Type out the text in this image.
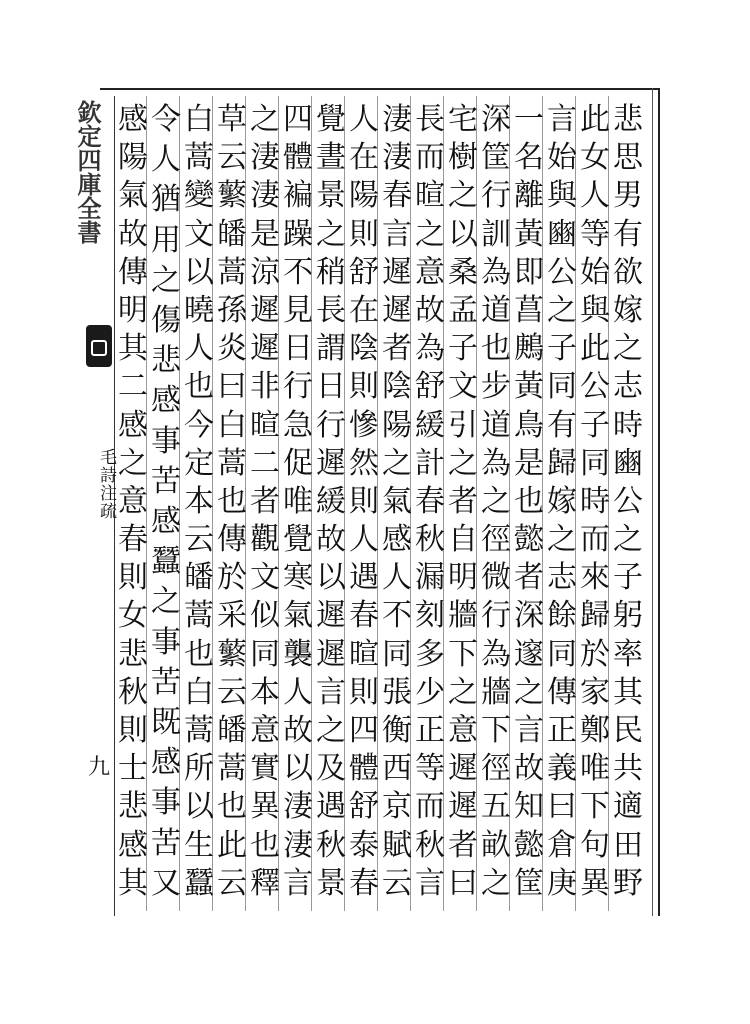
欽定四庫全書
毛詩注疏
九
悲
思
男
有
欲
嫁
之
志
時
豳
公
之
子
躬
率
其
民
共
適
田
野
此
女
人
等
始
與
此
公
子
同
時
而
來
歸
於
家
鄭
唯
下
句
異
言
始
與
豳
公
之
子
同
有
歸
嫁
之
志
餘
同
傳
正
義
曰
倉
庚
一
名
離
黃
即
菖
鶊
黃
鳥
是
也
懿
者
深
邃
之
言
故
知
懿
筐
深
筐
行
訓
為
道
也
步
道
為
之
徑
微
行
為
牆
下
徑
五
畝
之
宅
樹
之
以
桑
孟
子
文
引
之
者
自
明
牆
下
之
意
遲
遲
者
曰
長
而
暄
之
意
故
為
舒
緩
計
春
秋
漏
刻
多
少
正
等
而
秋
言
淒
淒
春
言
遲
遲
者
陰
陽
之
氣
感
人
不
同
張
衡
西
京
賦
云
人
在
陽
則
舒
在
陰
則
慘
然
則
人
遇
春
暄
則
四
體
舒
泰
春
覺
晝
景
之
稍
長
謂
日
行
遲
緩
故
以
遲
遲
言
之
及
遇
秋
景
四
體
褊
躁
不
見
日
行
急
促
唯
覺
寒
氣
襲
人
故
以
淒
淒
言
之
淒
淒
是
涼
遲
遲
非
暄
二
者
觀
文
似
同
本
意
實
異
也
釋
草
云
蘩
皤
蒿
孫
炎
曰
白
蒿
也
傳
於
采
蘩
云
皤
蒿
也
此
云
白
蒿
變
文
以
曉
人
也
今
定
本
云
皤
蒿
也
白
蒿
所
以
生
蠶
令
人
猶
用
之
傷
悲
感
事
苦
感
蠶
之
事
苦
既
感
事
苦
又
感
陽
氣
故
傳
明
其
二
感
之
意
春
則
女
悲
秋
則
士
悲
感
其
